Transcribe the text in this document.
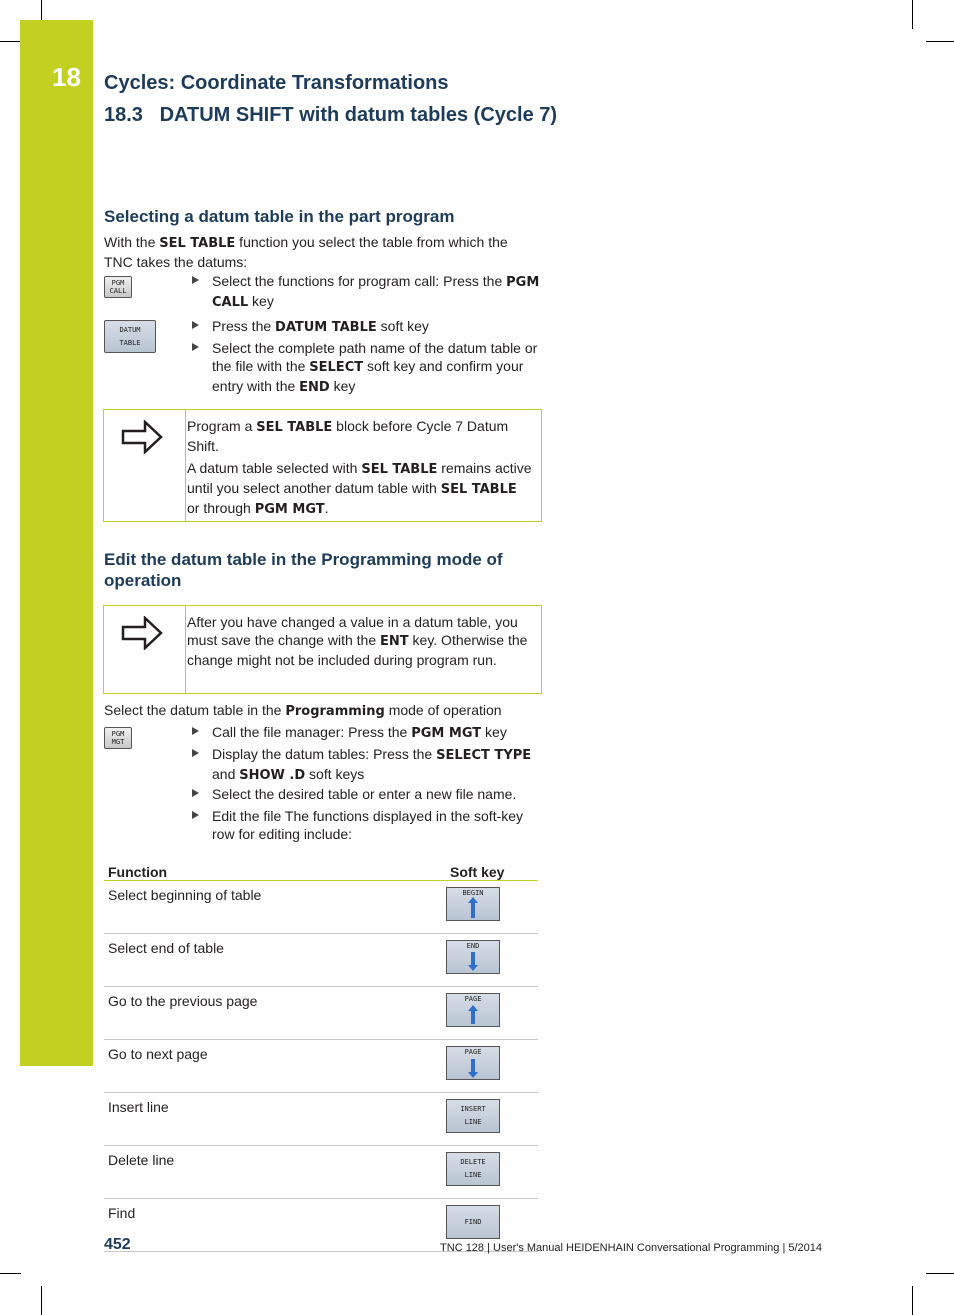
18 Cycles: Coordinate Transformations
18.3   DATUM SHIFT with datum tables (Cycle 7)
Selecting a datum table in the part program

With the SEL TABLE function you select the table from which the TNC takes the datums:

PGM
CALL
Select the functions for program call: Press the PGM CALL key
DATUM
TABLE
Press the DATUM TABLE soft key
Select the complete path name of the datum table or the file with the SELECT soft key and confirm your entry with the END key

Program a SEL TABLE block before Cycle 7 Datum Shift.

A datum table selected with SEL TABLE remains active until you select another datum table with SEL TABLE or through PGM MGT.

Edit the datum table in the Programming mode of
operation

After you have changed a value in a datum table, you must save the change with the ENT key. Otherwise the change might not be included during program run.

Select the datum table in the Programming mode of operation

PGM
MGT
Call the file manager: Press the PGM MGT key
Display the datum tables: Press the SELECT TYPE and SHOW .D soft keys
Select the desired table or enter a new file name.
Edit the file The functions displayed in the soft-key row for editing include:
Function	Soft key
Select beginning of table	BEGIN

Select end of table	END

Go to the previous page	PAGE

Go to next page	PAGE

Insert line	INSERT
LINE

Delete line	DELETE
LINE

Find	FIND
452	TNC 128 | User's Manual HEIDENHAIN Conversational Programming | 5/2014
